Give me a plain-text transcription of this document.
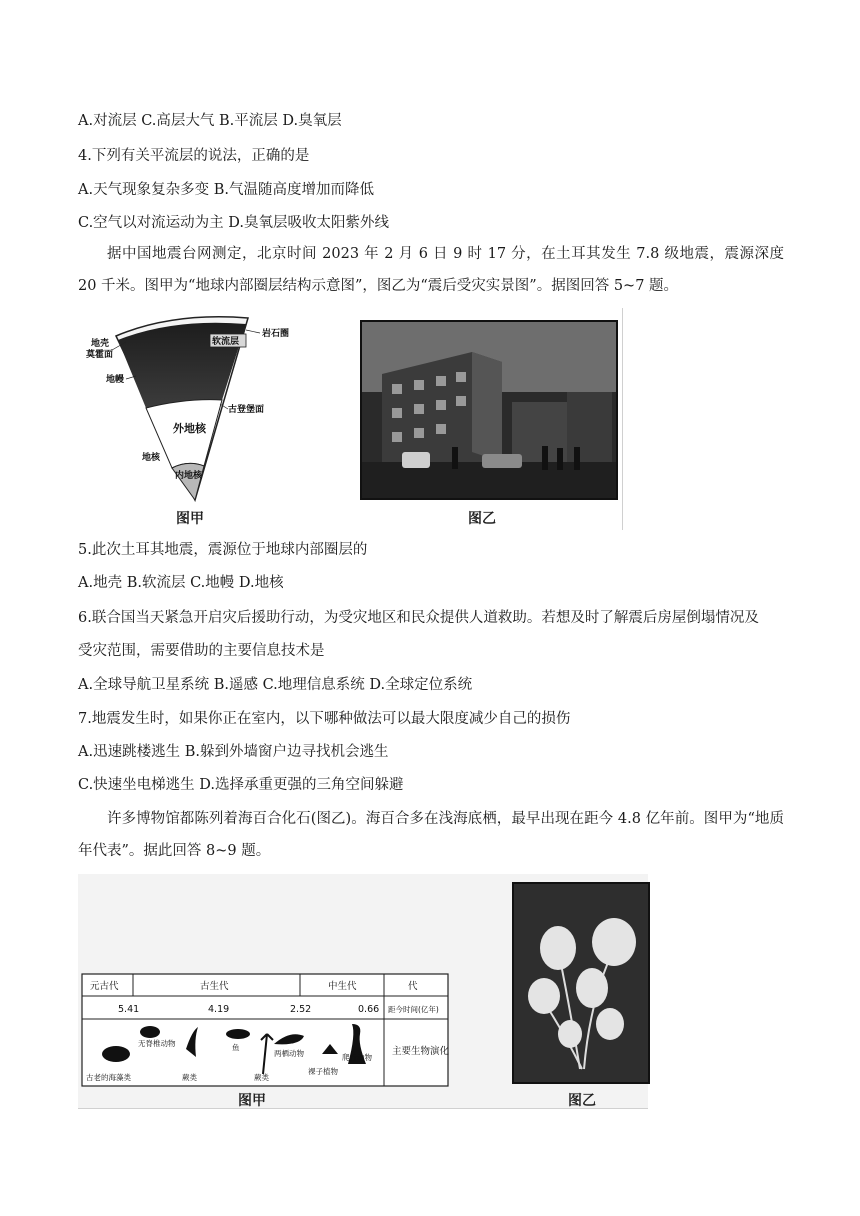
A.对流层 C.高层大气 B.平流层 D.臭氧层
4.下列有关平流层的说法，正确的是
A.天气现象复杂多变 B.气温随高度增加而降低
C.空气以对流运动为主 D.臭氧层吸收太阳紫外线
据中国地震台网测定，北京时间 2023 年 2 月 6 日 9 时 17 分，在土耳其发生 7.8 级地震，震源深度 20 千米。图甲为“地球内部圈层结构示意图”，图乙为“震后受灾实景图”。据图回答 5~7 题。
软流层
外地核
内地核
地壳
莫霍面
地幔
地核
岩石圈
古登堡面
图甲	图乙
5.此次土耳其地震，震源位于地球内部圈层的
A.地壳 B.软流层 C.地幔 D.地核
6.联合国当天紧急开启灾后援助行动，为受灾地区和民众提供人道救助。若想及时了解震后房屋倒塌情况及
受灾范围，需要借助的主要信息技术是
A.全球导航卫星系统 B.遥感 C.地理信息系统 D.全球定位系统
7.地震发生时，如果你正在室内，以下哪种做法可以最大限度减少自己的损伤
A.迅速跳楼逃生 B.躲到外墙窗户边寻找机会逃生
C.快速坐电梯逃生 D.选择承重更强的三角空间躲避
许多博物馆都陈列着海百合化石(图乙)。海百合多在浅海底栖，最早出现在距今 4.8 亿年前。图甲为“地质年代表”。据此回答 8~9 题。
元古代	古生代	中生代	代
5.41	4.19	2.52	0.66 距今时间(亿年)
古老的海藻类
无脊椎动物
蕨类
鱼
蕨类
两栖动物
裸子植物
爬行动物
主要生物演化
图甲	图乙
